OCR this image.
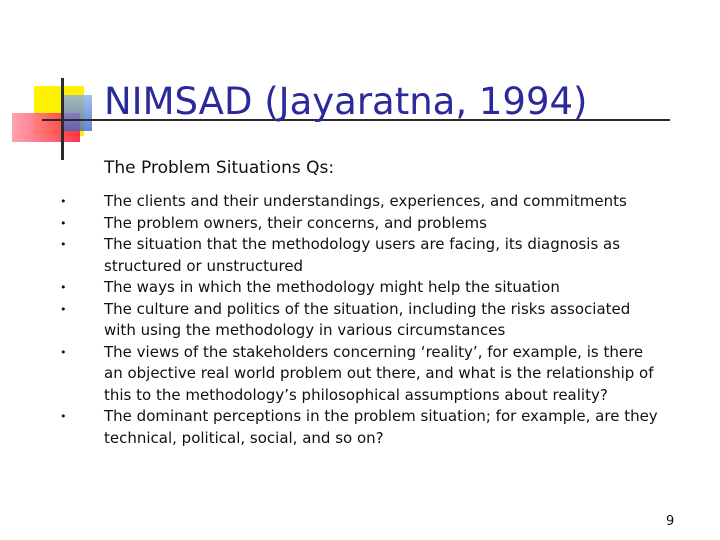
NIMSAD (Jayaratna, 1994)
The Problem Situations Qs:
•	The clients and their understandings, experiences, and commitments
•	The problem owners, their concerns, and problems
•	The situation that the methodology users are facing, its diagnosis as structured or unstructured
•	The ways in which the methodology might help the situation
•	The culture and politics of the situation, including the risks associated with using the methodology in various circumstances
•	The views of the stakeholders concerning ‘reality’, for example, is there an objective real world problem out there, and what is the relationship of this to the methodology’s philosophical assumptions about reality?
•	The dominant perceptions in the problem situation; for example, are they technical, political, social, and so on?
9
